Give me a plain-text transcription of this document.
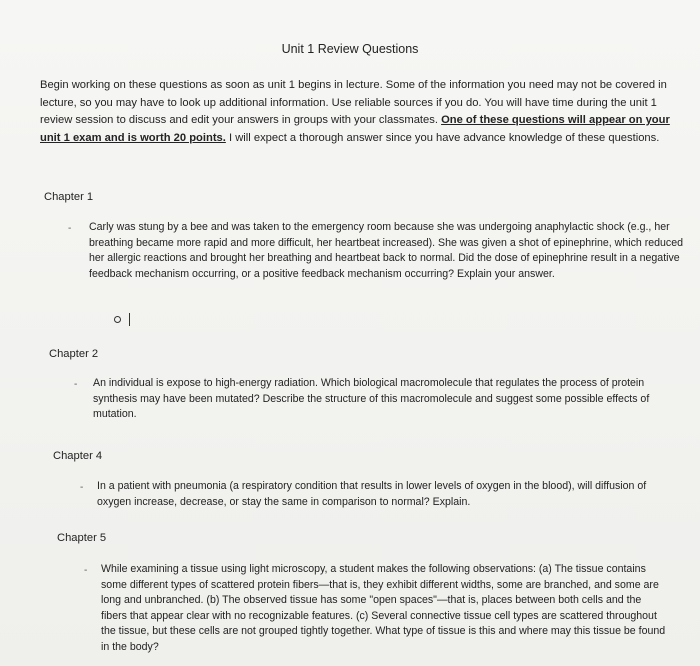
Unit 1 Review Questions
Begin working on these questions as soon as unit 1 begins in lecture. Some of the information you need may not be covered in lecture, so you may have to look up additional information. Use reliable sources if you do. You will have time during the unit 1 review session to discuss and edit your answers in groups with your classmates. One of these questions will appear on your unit 1 exam and is worth 20 points. I will expect a thorough answer since you have advance knowledge of these questions.
Chapter 1
- Carly was stung by a bee and was taken to the emergency room because she was undergoing anaphylactic shock (e.g., her breathing became more rapid and more difficult, her heartbeat increased). She was given a shot of epinephrine, which reduced her allergic reactions and brought her breathing and heartbeat back to normal. Did the dose of epinephrine result in a negative feedback mechanism occurring, or a positive feedback mechanism occurring? Explain your answer.
Chapter 2
- An individual is expose to high-energy radiation. Which biological macromolecule that regulates the process of protein synthesis may have been mutated? Describe the structure of this macromolecule and suggest some possible effects of mutation.
Chapter 4
- In a patient with pneumonia (a respiratory condition that results in lower levels of oxygen in the blood), will diffusion of oxygen increase, decrease, or stay the same in comparison to normal? Explain.
Chapter 5
- While examining a tissue using light microscopy, a student makes the following observations: (a) The tissue contains some different types of scattered protein fibers—that is, they exhibit different widths, some are branched, and some are long and unbranched. (b) The observed tissue has some "open spaces"—that is, places between both cells and the fibers that appear clear with no recognizable features. (c) Several connective tissue cell types are scattered throughout the tissue, but these cells are not grouped tightly together. What type of tissue is this and where may this tissue be found in the body?
